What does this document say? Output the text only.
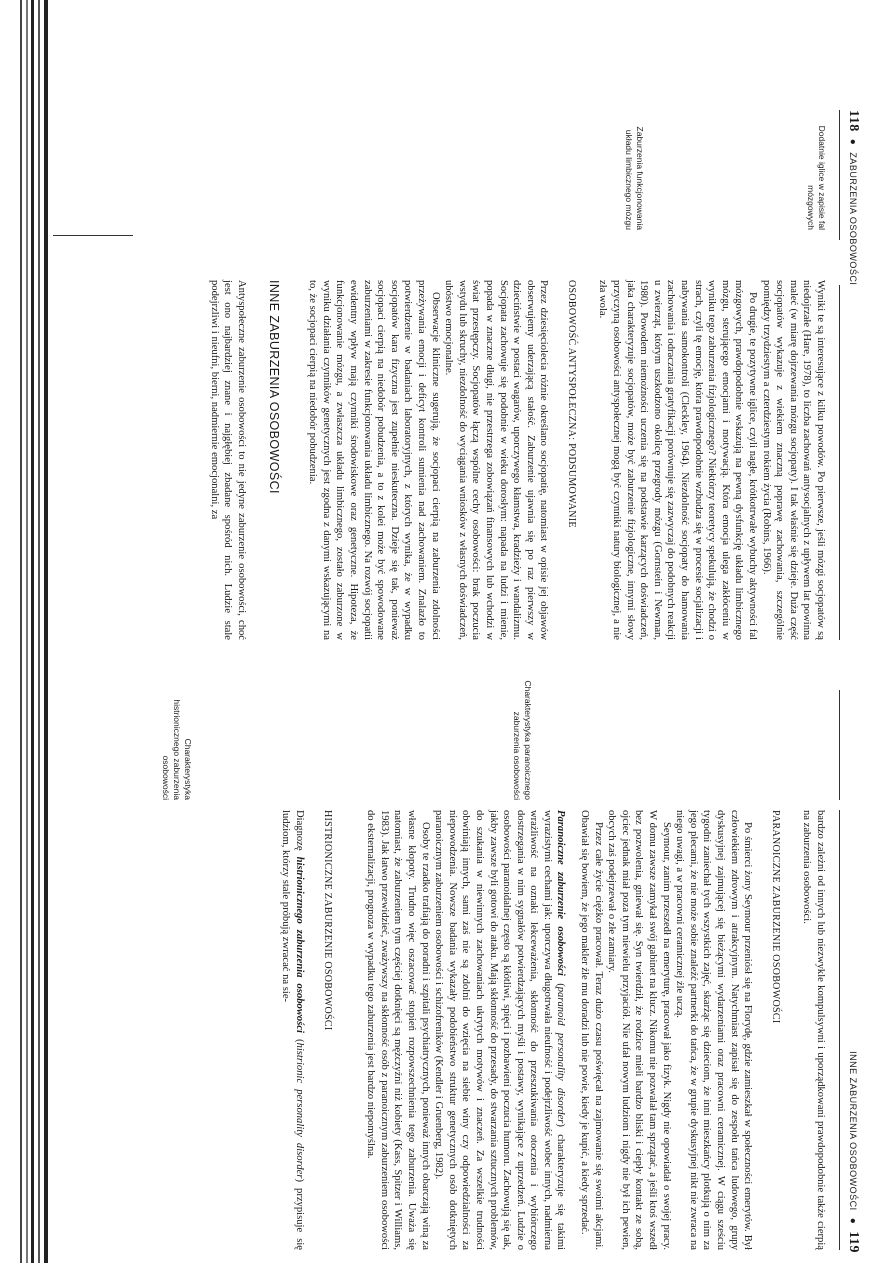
118 ● ZABURZENIA OSOBOWOŚCI
Dodatnie iglice w zapisie fal mózgowych
Zaburzenia funkcjonowania układu limbicznego mózgu

Wyniki te są interesujące z kilku powodów. Po pierwsze, jeśli mózgi socjopatów są niedojrzałe (Hare, 1978), to liczba zachowań antysocjalnych z upływem lat powinna maleć (w miarę dojrzewania mózgu socjopaty). I tak właśnie się dzieje. Duża część socjopatów wykazuje z wiekiem znaczną poprawę zachowania, szczególnie pomiędzy trzydziestym a czterdziestym rokiem życia (Robins, 1966).

Po drugie, te pozytywne iglice, czyli nagłe, krótkotrwałe wybuchy aktywności fal mózgowych, prawdopodobnie wskazują na pewną dysfunkcję układu limbicznego mózgu, sterującego emocjami i motywacją. Która emocja ulega zakłóceniu w wyniku tego zaburzenia fizjologicznego? Niektórzy teoretycy spekulują, że chodzi o strach, czyli tę emocję, która prawdopodobnie wzbudza się w procesie socjalizacji i nabywania samokontroli (Cleckley, 1964). Niezdolność socjopaty do hamowania zachowania i odraczania gratyfikacji porównuje się zazwyczaj do podobnych reakcji u zwierząt, którym uszkodzono okolicę przegrody mózgu (Gornstein i Newman, 1980). Powodem niemożności uczenia się na podstawie karzących doświadczeń, jaka charakteryzuje socjopatów, może być zaburzenie fizjologiczne, innymi słowy przyczyną osobowości antyspołecznej mogą być czynniki natury biologicznej, a nie zła wola.

OSOBOWOŚĆ ANTYSPOŁECZNA: PODSUMOWANIE

Przez dziesięciolecia różnie określano socjopatię, natomiast w opisie jej objawów obserwujemy uderzającą stałość. Zaburzenie ujawnia się po raz pierwszy w dzieciństwie w postaci wagarów, uporczywego kłamstwa, kradzieży i wandalizmu. Socjopata zachowuje się podobnie w wieku dorosłym: napada na ludzi i mienie, popada w znaczne długi, nie przestrzega zobowiązań finansowych lub wchodzi w świat przestępczy. Socjopatów łączą wspólne cechy osobowości: brak poczucia wstydu lub skruchy, niezdolność do wyciągania wniosków z własnych doświadczeń, ubóstwo emocjonalne.

Obserwacje kliniczne sugerują, że socjopaci cierpią na zaburzenia zdolności przeżywania emocji i deficyt kontroli sumienia nad zachowaniem. Znalazło to potwierdzenie w badaniach laboratoryjnych, z których wynika, że w wypadku socjopatów kara fizyczna jest zupełnie nieskuteczna. Dzieje się tak, ponieważ socjopaci cierpią na niedobór pobudzenia, a to z kolei może być spowodowane zaburzeniami w zakresie funkcjonowania układu limbicznego. Na rozwój socjopatii ewidentny wpływ mają czynniki środowiskowe oraz genetyczne. Hipoteza, że funkcjonowanie mózgu, a zwłaszcza układu limbicznego, zostało zaburzone w wyniku działania czynników genetycznych jest zgodna z danymi wskazującymi na to, że socjopaci cierpią na niedobór pobudzenia.

INNE ZABURZENIA OSOBOWOŚCI

Antyspołeczne zaburzenie osobowości to nie jedyne zaburzenie osobowości, choć jest ono najbardziej znane i najgłębiej zbadane spośród nich. Ludzie stale podejrzliwi i nieufni, bierni, nadmiernie emocjonalni, za

INNE ZABURZENIA OSOBOWOŚCI ● 119

bardzo zależni od innych lub niezwykle kompulsywni i uporządkowani prawdopodobnie także cierpią na zaburzenia osobowości.

PARANOICZNE ZABURZENIE OSOBOWOŚCI

Po śmierci żony Seymour przeniósł się na Florydę, gdzie zamieszkał w społeczności emerytów. Był człowiekiem zdrowym i atrakcyjnym. Natychmiast zapisał się do zespołu tańca ludowego, grupy dyskusyjnej zajmującej się bieżącymi wydarzeniami oraz pracowni ceramicznej. W ciągu sześciu tygodni zaniechał tych wszystkich zajęć, skarżąc się dzieciom, że inni mieszkańcy plotkują o nim za jego plecami, że nie może sobie znaleźć partnerki do tańca, że w grupie dyskusyjnej nikt nie zwraca na niego uwagi, a w pracowni ceramicznej źle uczą.

Seymour, zanim przeszedł na emeryturę, pracował jako fizyk. Nigdy nie opowiadał o swojej pracy. W domu zawsze zamykał swój gabinet na klucz. Nikomu nie pozwalał tam sprzątać, a jeśli ktoś wszedł bez pozwolenia, gniewał się. Syn twierdził, że rodzice mieli bardzo bliski i ciepły kontakt ze sobą, ojciec jednak miał poza tym niewielu przyjaciół. Nie ufał nowym ludziom i nigdy nie był ich pewien, obcych zaś podejrzewał o złe zamiary.

Przez całe życie ciężko pracował. Teraz dużo czasu poświęcał na zajmowanie się swoimi akcjami. Obawiał się bowiem, że jego makler źle mu doradzi lub nie powie, kiedy je kupić, a kiedy sprzedać.

Paranoiczne zaburzenie osobowości (paranoid personality disorder) charakteryzuje się takimi wyrazistymi cechami jak: uporczywa długotrwała nieufność i podejrzliwość wobec innych, nadmierna wrażliwość na oznaki lekceważenia, skłonność do przeszukiwania otoczenia i wybiórczego dostrzegania w nim sygnałów potwierdzających myśli i postawy, wynikające z uprzedzeń. Ludzie o osobowości paranoidalnej często są kłótliwi, spięci i pozbawieni poczucia humoru. Zachowują się tak, jakby zawsze byli gotowi do ataku. Mają skłonność do przesady, do stwarzania sztucznych problemów, do szukania w niewinnych zachowaniach ukrytych motywów i znaczeń. Za wszelkie trudności obwiniają innych, sami zaś nie są zdolni do wzięcia na siebie winy czy odpowiedzialności za niepowodzenia. Nowsze badania wykazały podobieństwo struktur genetycznych osób dotkniętych paranoicznym zaburzeniem osobowości i schizofreników (Kendler i Gruenberg, 1982).

Osoby te rzadko trafiają do poradni i szpitali psychiatrycznych, ponieważ innych obarczają winą za własne kłopoty. Trudno więc oszacować stopień rozpowszechnienia tego zaburzenia. Uważa się natomiast, że zaburzeniem tym częściej dotknięci są mężczyźni niż kobiety (Kass, Spitzer i Williams, 1983). Jak łatwo przewidzieć, zważywszy na skłonność osób z paranoicznym zaburzeniem osobowości do eksternalizacji, prognoza w wypadku tego zaburzenia jest bardzo niepomyślna.

HISTRIONICZNE ZABURZENIE OSOBOWOŚCI

Diagnozę histrionicznego zaburzenia osobowości (histrionic personality disorder) przypisuje się ludziom, którzy stale próbują zwracać na sie-

Charakterystyka paranoicznego zaburzenia osobowości
Charakterystyka histrionicznego zaburzenia osobowości
